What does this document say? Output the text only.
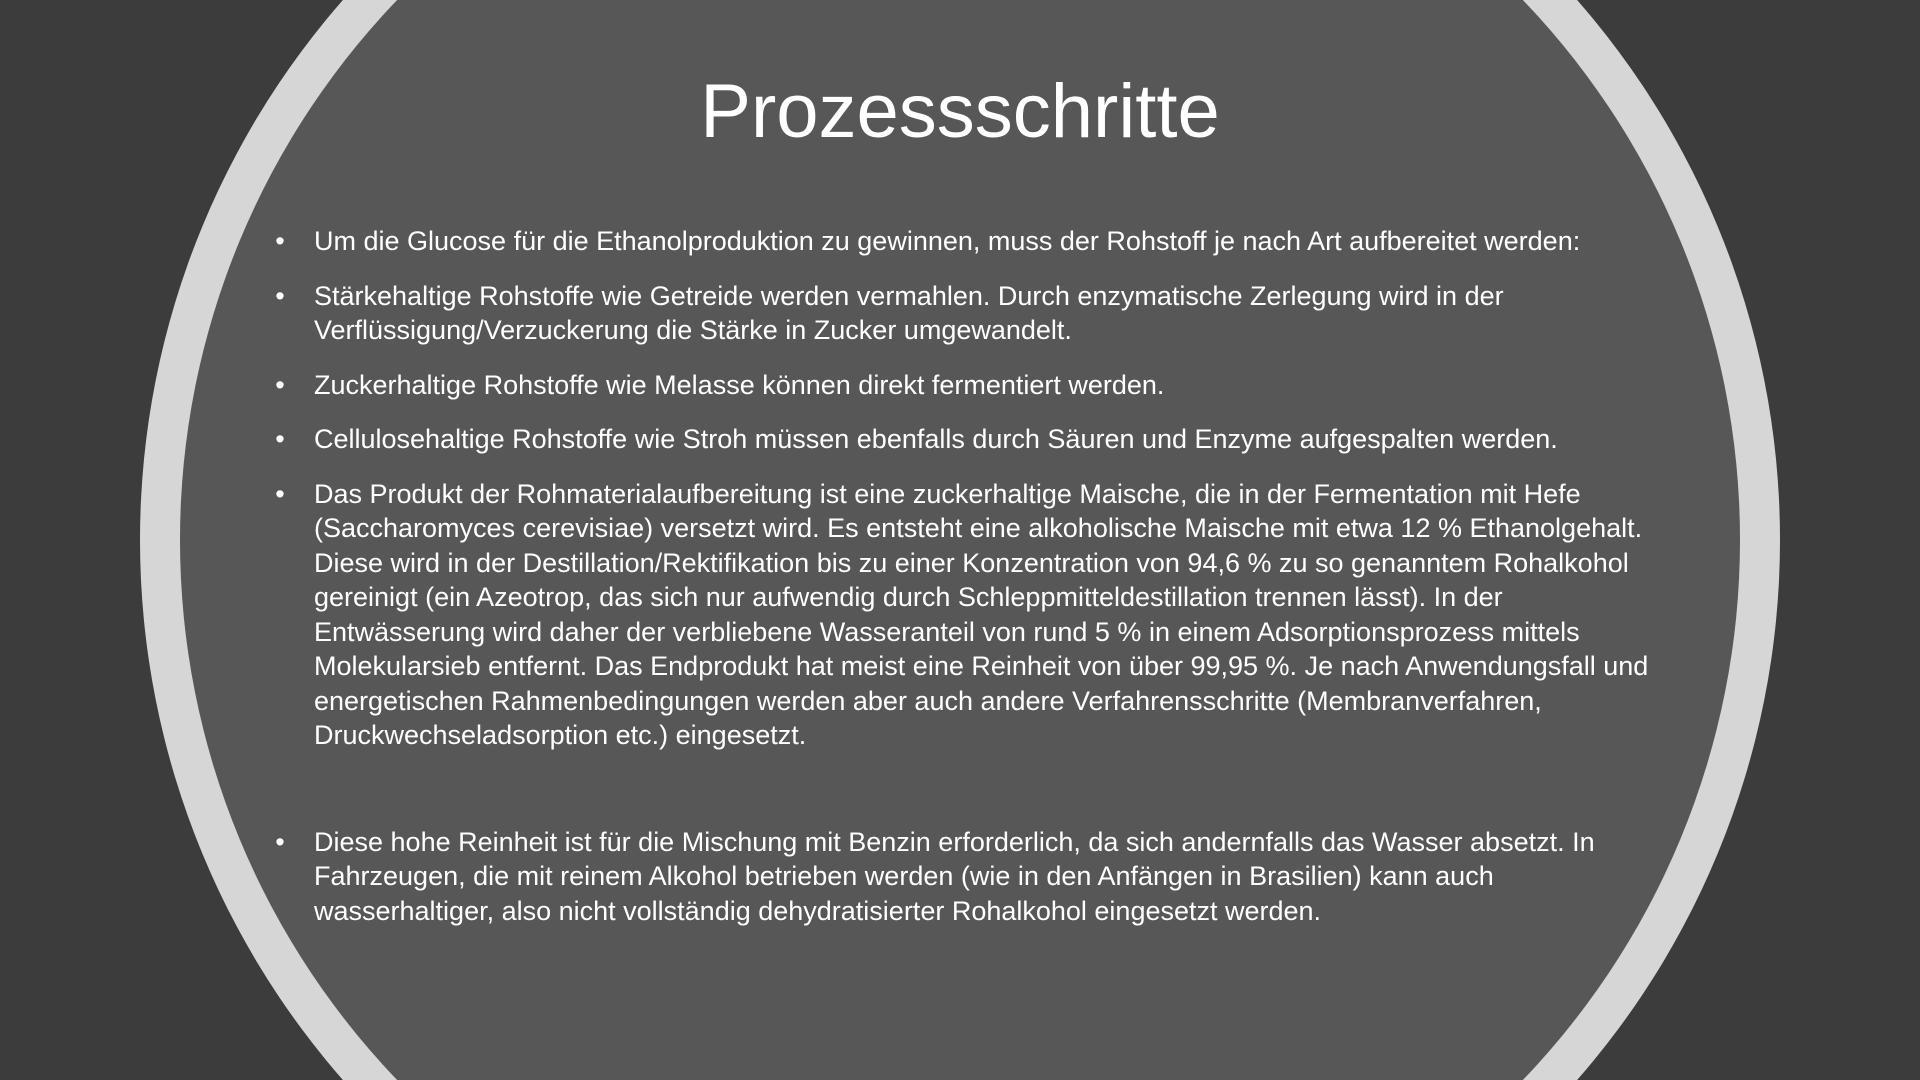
Prozessschritte
• Um die Glucose für die Ethanolproduktion zu gewinnen, muss der Rohstoff je nach Art aufbereitet werden:
• Stärkehaltige Rohstoffe wie Getreide werden vermahlen. Durch enzymatische Zerlegung wird in der Verflüssigung/Verzuckerung die Stärke in Zucker umgewandelt.
• Zuckerhaltige Rohstoffe wie Melasse können direkt fermentiert werden.
• Cellulosehaltige Rohstoffe wie Stroh müssen ebenfalls durch Säuren und Enzyme aufgespalten werden.
• Das Produkt der Rohmaterialaufbereitung ist eine zuckerhaltige Maische, die in der Fermentation mit Hefe (Saccharomyces cerevisiae) versetzt wird. Es entsteht eine alkoholische Maische mit etwa 12 % Ethanolgehalt. Diese wird in der Destillation/Rektifikation bis zu einer Konzentration von 94,6 % zu so genanntem Rohalkohol gereinigt (ein Azeotrop, das sich nur aufwendig durch Schleppmitteldestillation trennen lässt). In der Entwässerung wird daher der verbliebene Wasseranteil von rund 5 % in einem Adsorptionsprozess mittels Molekularsieb entfernt. Das Endprodukt hat meist eine Reinheit von über 99,95 %. Je nach Anwendungsfall und energetischen Rahmenbedingungen werden aber auch andere Verfahrensschritte (Membranverfahren, Druckwechseladsorption etc.) eingesetzt.
• Diese hohe Reinheit ist für die Mischung mit Benzin erforderlich, da sich andernfalls das Wasser absetzt. In Fahrzeugen, die mit reinem Alkohol betrieben werden (wie in den Anfängen in Brasilien) kann auch wasserhaltiger, also nicht vollständig dehydratisierter Rohalkohol eingesetzt werden.
